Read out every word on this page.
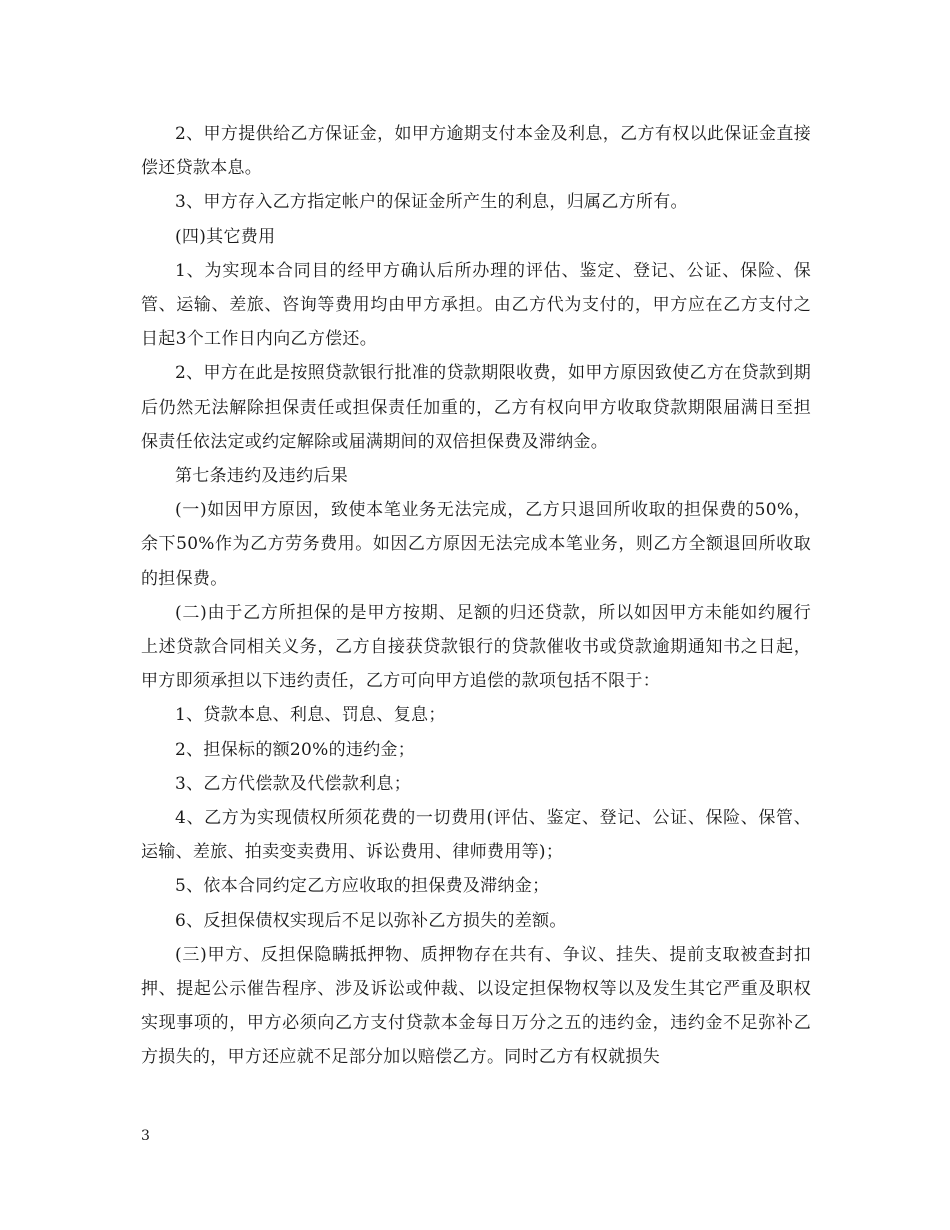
2、甲方提供给乙方保证金，如甲方逾期支付本金及利息，乙方有权以此保证金直接偿还贷款本息。

3、甲方存入乙方指定帐户的保证金所产生的利息，归属乙方所有。

(四)其它费用

1、为实现本合同目的经甲方确认后所办理的评估、鉴定、登记、公证、保险、保管、运输、差旅、咨询等费用均由甲方承担。由乙方代为支付的，甲方应在乙方支付之日起3个工作日内向乙方偿还。

2、甲方在此是按照贷款银行批准的贷款期限收费，如甲方原因致使乙方在贷款到期后仍然无法解除担保责任或担保责任加重的，乙方有权向甲方收取贷款期限届满日至担保责任依法定或约定解除或届满期间的双倍担保费及滞纳金。

第七条违约及违约后果

(一)如因甲方原因，致使本笔业务无法完成，乙方只退回所收取的担保费的50%，余下50%作为乙方劳务费用。如因乙方原因无法完成本笔业务，则乙方全额退回所收取的担保费。

(二)由于乙方所担保的是甲方按期、足额的归还贷款，所以如因甲方未能如约履行上述贷款合同相关义务，乙方自接获贷款银行的贷款催收书或贷款逾期通知书之日起，甲方即须承担以下违约责任，乙方可向甲方追偿的款项包括不限于：

1、贷款本息、利息、罚息、复息；

2、担保标的额20%的违约金；

3、乙方代偿款及代偿款利息；

4、乙方为实现债权所须花费的一切费用(评估、鉴定、登记、公证、保险、保管、运输、差旅、拍卖变卖费用、诉讼费用、律师费用等)；

5、依本合同约定乙方应收取的担保费及滞纳金；

6、反担保债权实现后不足以弥补乙方损失的差额。

(三)甲方、反担保隐瞒抵押物、质押物存在共有、争议、挂失、提前支取被查封扣押、提起公示催告程序、涉及诉讼或仲裁、以设定担保物权等以及发生其它严重及职权实现事项的，甲方必须向乙方支付贷款本金每日万分之五的违约金，违约金不足弥补乙方损失的，甲方还应就不足部分加以赔偿乙方。同时乙方有权就损失

3
